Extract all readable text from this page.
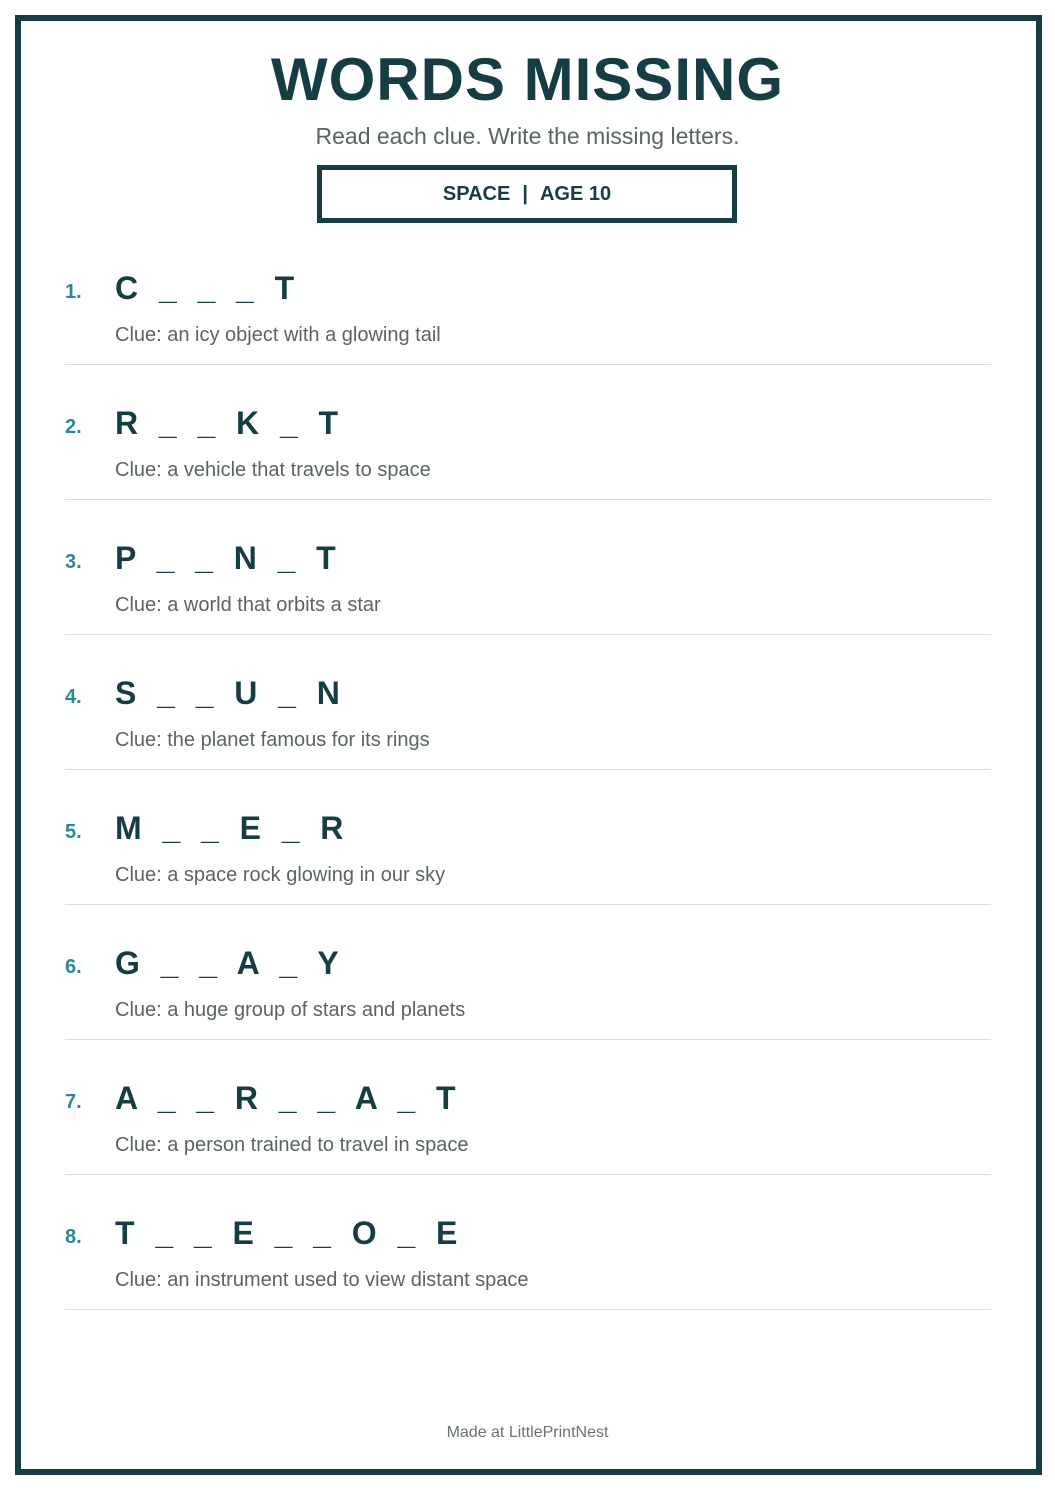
WORDS MISSING
Read each clue. Write the missing letters.
SPACE | AGE 10
1.	C  _  _  _  T
Clue: an icy object with a glowing tail
2.	R  _  _  K  _  T
Clue: a vehicle that travels to space
3.	P  _  _  N  _  T
Clue: a world that orbits a star
4.	S  _  _  U  _  N
Clue: the planet famous for its rings
5.	M  _  _  E  _  R
Clue: a space rock glowing in our sky
6.	G  _  _  A  _  Y
Clue: a huge group of stars and planets
7.	A  _  _  R  _  _  A  _  T
Clue: a person trained to travel in space
8.	T  _  _  E  _  _  O  _  E
Clue: an instrument used to view distant space
Made at LittlePrintNest
